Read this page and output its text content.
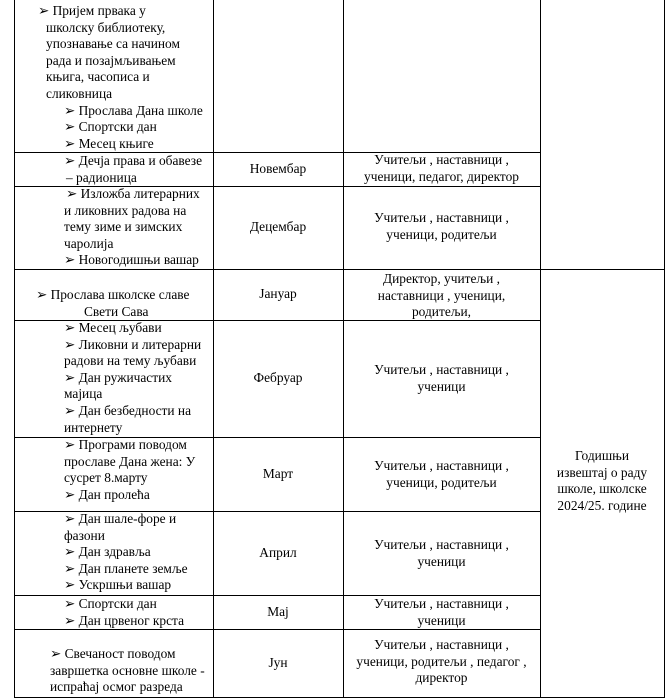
➢ Пријем првака у
школску библиотеку,
упознавање са начином
рада и позајмљивањем
књига, часописа и
сликовница
➢ Прослава Дана школе
➢ Спортски дан
➢ Месец књиге
➢ Дечја права и обавезе
– радионица
Новембар
Учитељи , наставници ,
ученици, педагог, директор
➢ Изложба литерарних
и ликовних радова на
тему зиме и зимских
чаролија
➢ Новогодишњи вашар
Децембар
Учитељи , наставници ,
ученици, родитељи
➢ Прослава школске славе
Свети Сава
Јануар
Директор, учитељи ,
наставници , ученици,
родитељи,
➢ Месец љубави
➢ Ликовни и литерарни
радови на тему љубави
➢ Дан ружичастих
мајица
➢ Дан безбедности на
интернету
Фебруар
Учитељи , наставници ,
ученици
➢ Програми поводом
прославе Дана жена: У
сусрет 8.марту
➢ Дан пролећа
Март
Учитељи , наставници ,
ученици, родитељи
➢ Дан шале-форе и
фазони
➢ Дан здравља
➢ Дан планете земље
➢ Ускршњи вашар
Април
Учитељи , наставници ,
ученици
➢ Спортски дан
➢ Дан црвеног крста
Мај
Учитељи , наставници ,
ученици
➢ Свечаност поводом
завршетка основне школе -
испраћај осмог разреда
Јун
Учитељи , наставници ,
ученици, родитељи , педагог ,
директор
Годишњи
извештај о раду
школе, школске
2024/25. године
